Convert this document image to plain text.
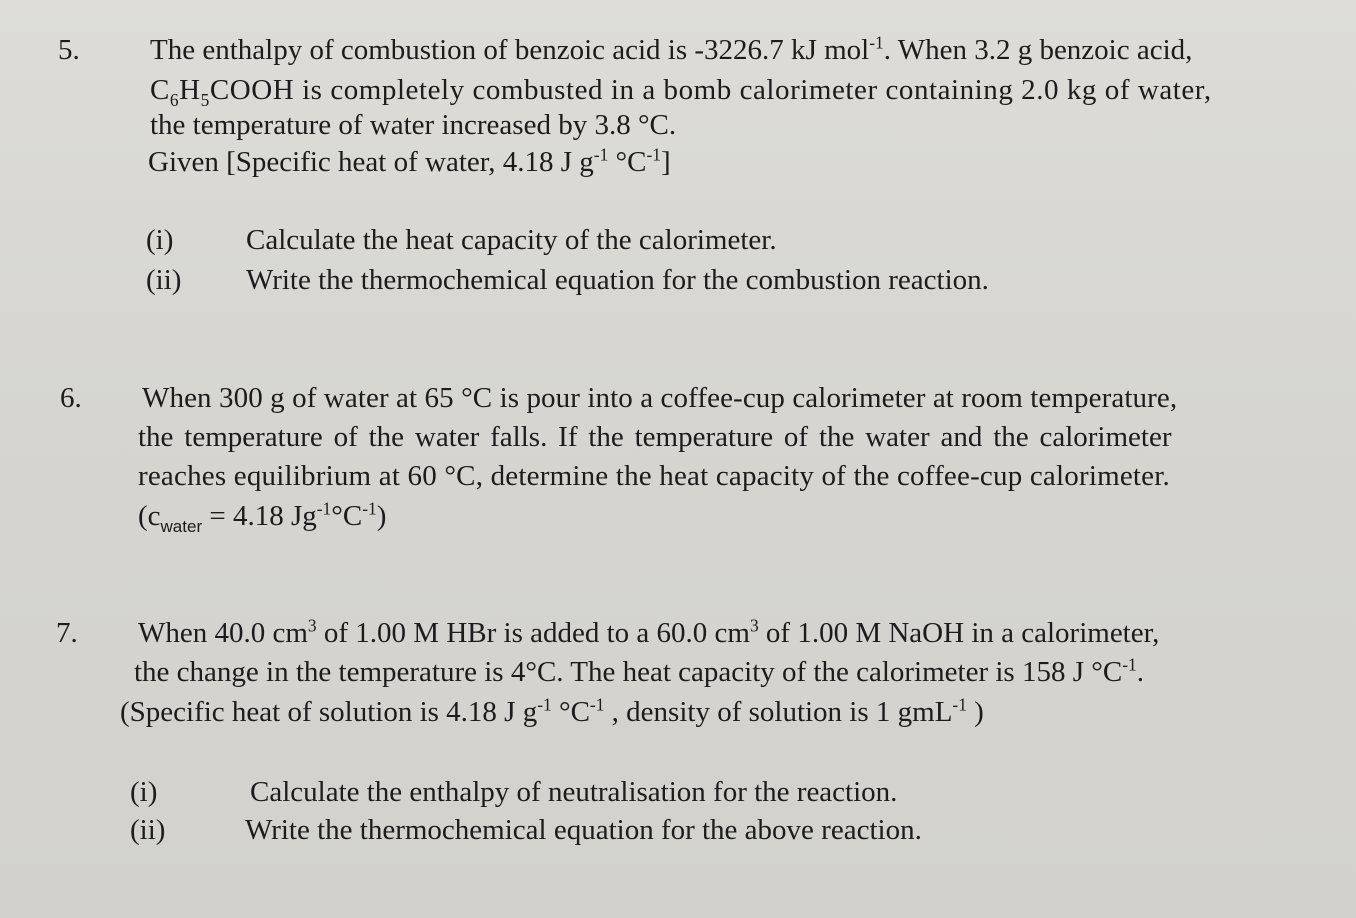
5. The enthalpy of combustion of benzoic acid is -3226.7 kJ mol$^{-1}$. When 3.2 g benzoic acid,
$C_6H_5COOH$ is completely combusted in a bomb calorimeter containing 2.0 kg of water,
the temperature of water increased by 3.8 °C.
Given [Specific heat of water, 4.18 J $g^{-1}$ $^\circ C^{-1}$]
(i)	Calculate the heat capacity of the calorimeter.
(ii) Write the thermochemical equation for the combustion reaction.
6. When 300 g of water at 65 °C is pour into a coffee-cup calorimeter at room temperature,
the temperature of the water falls. If the temperature of the water and the calorimeter
reaches equilibrium at 60 °C, determine the heat capacity of the coffee-cup calorimeter.
($c_{water} = 4.18$ $Jg^{-1}^\circ C^{-1}$)
7. When 40.0 $cm^3$ of 1.00 M HBr is added to a 60.0 $cm^3$ of 1.00 M NaOH in a calorimeter,
the change in the temperature is 4°C. The heat capacity of the calorimeter is 158 J $^\circ C^{-1}$.
(Specific heat of solution is 4.18 J $g^{-1}$ $^\circ C^{-1}$ , density of solution is 1 gmL$^{-1}$ )
(i)	Calculate the enthalpy of neutralisation for the reaction.
(ii)	Write the thermochemical equation for the above reaction.
